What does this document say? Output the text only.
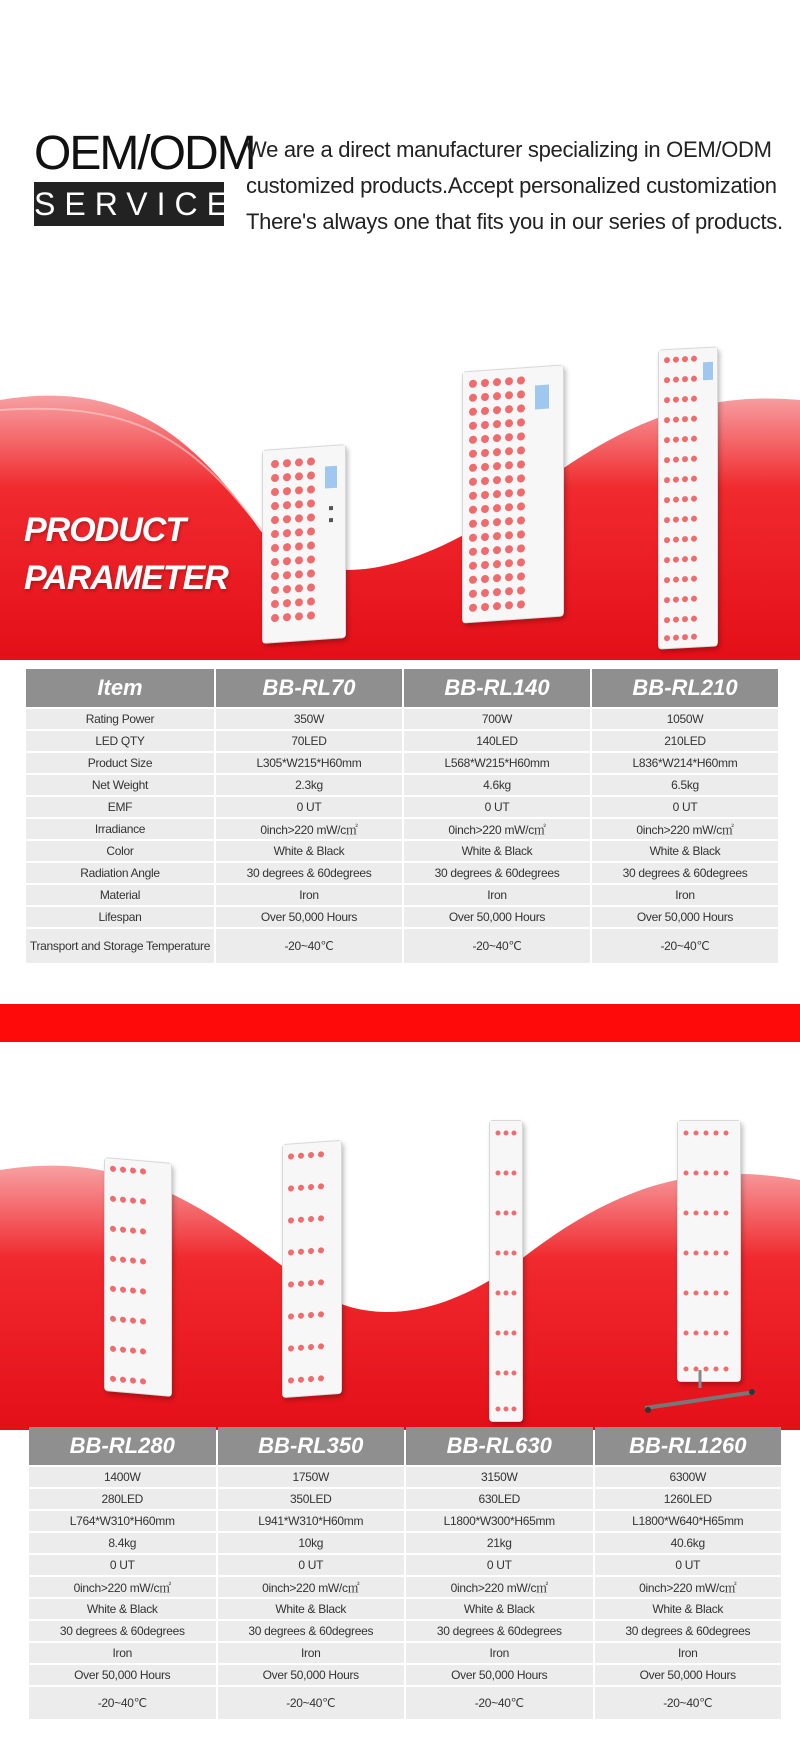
OEM/ODM
SERVICE
We are a direct manufacturer specializing in OEM/ODM
customized products.Accept personalized customization
There's always one that fits you in our series of products.
PRODUCT
PARAMETER
Item	BB-RL70	BB-RL140	BB-RL210
Rating Power	350W	700W	1050W
LED QTY	70LED	140LED	210LED
Product Size	L305*W215*H60mm	L568*W215*H60mm	L836*W214*H60mm
Net Weight	2.3kg	4.6kg	6.5kg
EMF	0 UT	0 UT	0 UT
Irradiance	0inch>220 mW/c㎡	0inch>220 mW/c㎡	0inch>220 mW/c㎡
Color	White & Black	White & Black	White & Black
Radiation Angle	30 degrees & 60degrees	30 degrees & 60degrees	30 degrees & 60degrees
Material	Iron	Iron	Iron
Lifespan	Over 50,000 Hours	Over 50,000 Hours	Over 50,000 Hours
Transport and Storage Temperature	-20~40℃	-20~40℃	-20~40℃
BB-RL280	BB-RL350	BB-RL630	BB-RL1260
1400W	1750W	3150W	6300W
280LED	350LED	630LED	1260LED
L764*W310*H60mm	L941*W310*H60mm	L1800*W300*H65mm	L1800*W640*H65mm
8.4kg	10kg	21kg	40.6kg
0 UT	0 UT	0 UT	0 UT
0inch>220 mW/c㎡	0inch>220 mW/c㎡	0inch>220 mW/c㎡	0inch>220 mW/c㎡
White & Black	White & Black	White & Black	White & Black
30 degrees & 60degrees	30 degrees & 60degrees	30 degrees & 60degrees	30 degrees & 60degrees
Iron	Iron	Iron	Iron
Over 50,000 Hours	Over 50,000 Hours	Over 50,000 Hours	Over 50,000 Hours
-20~40℃	-20~40℃	-20~40℃	-20~40℃
